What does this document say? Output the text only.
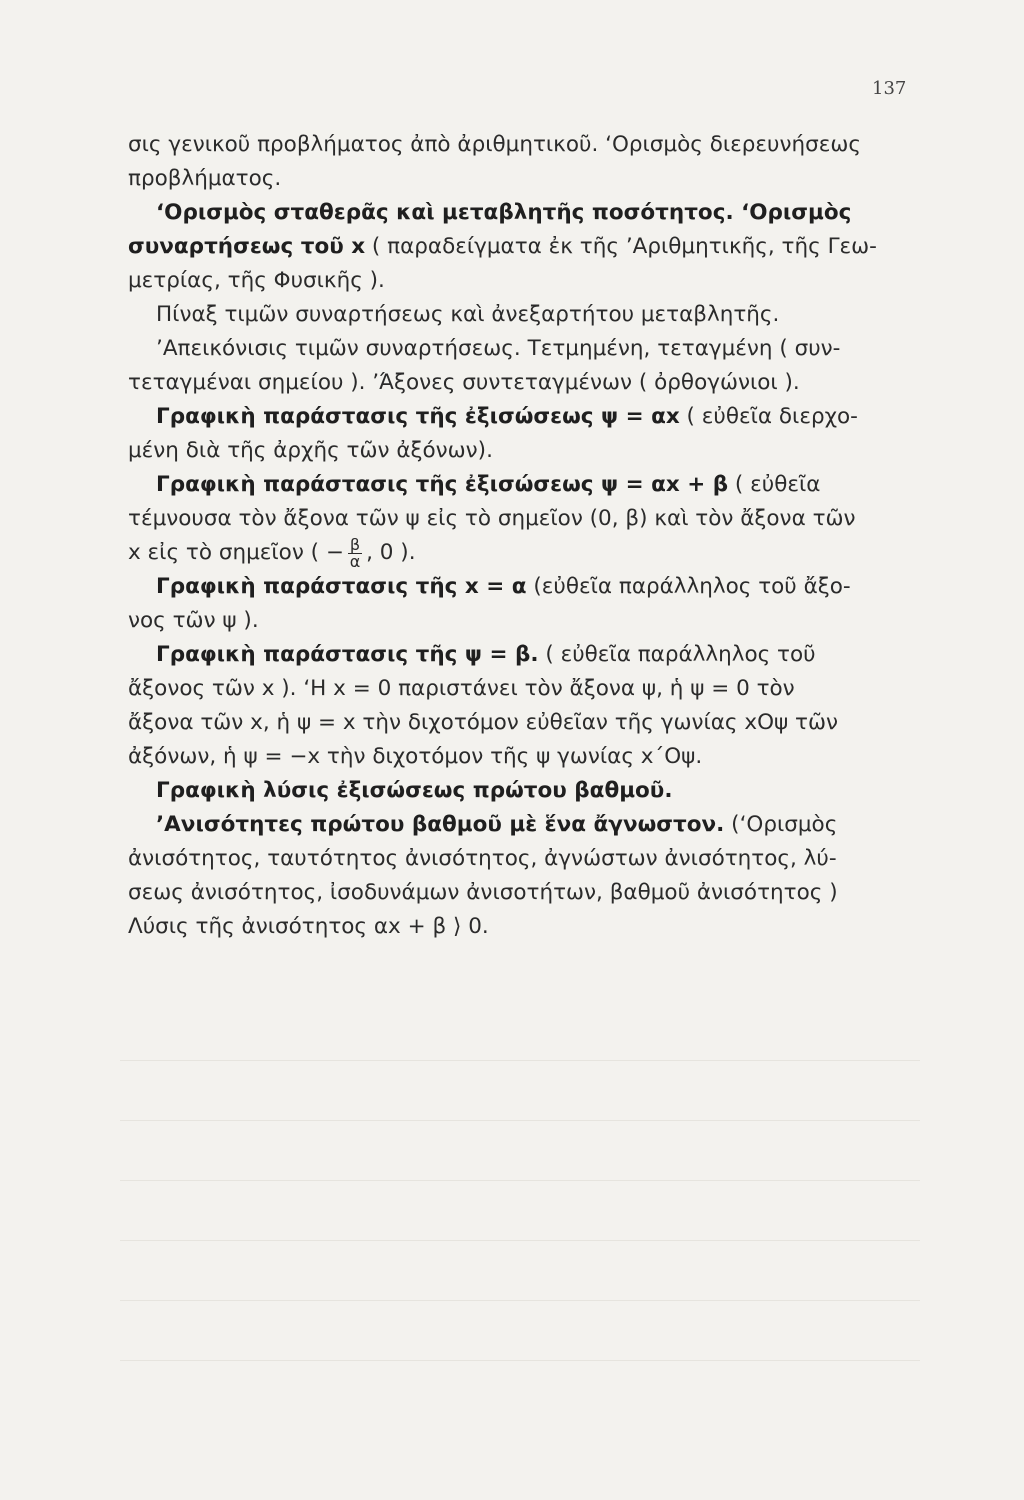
137
σις γενικοῦ προβλήματος ἀπὸ ἀριθμητικοῦ. ‘Ορισμὸς διερευνήσεως
προβλήματος.
‘Ορισμὸς σταθερᾶς καὶ μεταβλητῆς ποσότητος. ‘Ορισμὸς
συναρτήσεως τοῦ x ( παραδείγματα ἐκ τῆς ’Αριθμητικῆς, τῆς Γεω-
μετρίας, τῆς Φυσικῆς ).
Πίναξ τιμῶν συναρτήσεως καὶ ἀνεξαρτήτου μεταβλητῆς.
’Απεικόνισις τιμῶν συναρτήσεως. Τετμημένη, τεταγμένη ( συν-
τεταγμέναι σημείου ). ’Άξονες συντεταγμένων ( ὀρθογώνιοι ).
Γραφικὴ παράστασις τῆς ἐξισώσεως ψ = αx ( εὐθεῖα διερχο-
μένη διὰ τῆς ἀρχῆς τῶν ἀξόνων).
Γραφικὴ παράστασις τῆς ἐξισώσεως ψ = αx + β ( εὐθεῖα
τέμνουσα τὸν ἄξονα τῶν ψ εἰς τὸ σημεῖον (0, β) καὶ τὸν ἄξονα τῶν
x εἰς τὸ σημεῖον ( − $\frac{\beta}{\alpha}$ , 0 ).
Γραφικὴ παράστασις τῆς x = α (εὐθεῖα παράλληλος τοῦ ἄξο-
νος τῶν ψ ).
Γραφικὴ παράστασις τῆς ψ = β. ( εὐθεῖα παράλληλος τοῦ
ἄξονος τῶν x ). ‘Η x = 0 παριστάνει τὸν ἄξονα ψ, ἡ ψ = 0 τὸν
ἄξονα τῶν x, ἡ ψ = x τὴν διχοτόμον εὐθεῖαν τῆς γωνίας xOψ τῶν
ἀξόνων, ἡ ψ = −x τὴν διχοτόμον τῆς ψ γωνίας x΄Oψ.
Γραφικὴ λύσις ἐξισώσεως πρώτου βαθμοῦ.
’Ανισότητες πρώτου βαθμοῦ μὲ ἕνα ἄγνωστον. (‘Ορισμὸς
ἀνισότητος, ταυτότητος ἀνισότητος, ἀγνώστων ἀνισότητος, λύ-
σεως ἀνισότητος, ἰσοδυνάμων ἀνισοτήτων, βαθμοῦ ἀνισότητος )
Λύσις τῆς ἀνισότητος αx + β ⟩ 0.
